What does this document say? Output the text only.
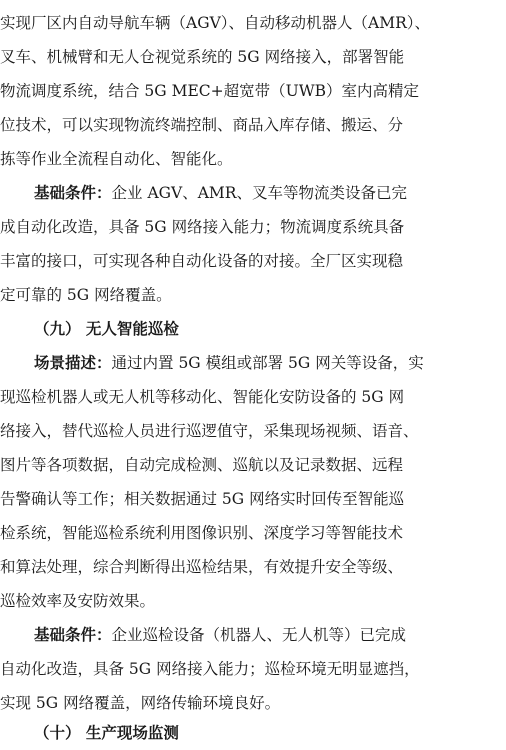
实现厂区内自动导航车辆（AGV）、自动移动机器人（AMR）、
叉车、机械臂和无人仓视觉系统的 5G 网络接入，部署智能
物流调度系统，结合 5G MEC+超宽带（UWB）室内高精定
位技术，可以实现物流终端控制、商品入库存储、搬运、分
拣等作业全流程自动化、智能化。
基础条件：企业 AGV、AMR、叉车等物流类设备已完
成自动化改造，具备 5G 网络接入能力；物流调度系统具备
丰富的接口，可实现各种自动化设备的对接。全厂区实现稳
定可靠的 5G 网络覆盖。
（九） 无人智能巡检
场景描述：通过内置 5G 模组或部署 5G 网关等设备，实
现巡检机器人或无人机等移动化、智能化安防设备的 5G 网
络接入，替代巡检人员进行巡逻值守，采集现场视频、语音、
图片等各项数据，自动完成检测、巡航以及记录数据、远程
告警确认等工作；相关数据通过 5G 网络实时回传至智能巡
检系统，智能巡检系统利用图像识别、深度学习等智能技术
和算法处理，综合判断得出巡检结果，有效提升安全等级、
巡检效率及安防效果。
基础条件：企业巡检设备（机器人、无人机等）已完成
自动化改造，具备 5G 网络接入能力；巡检环境无明显遮挡，
实现 5G 网络覆盖，网络传输环境良好。
（十） 生产现场监测
